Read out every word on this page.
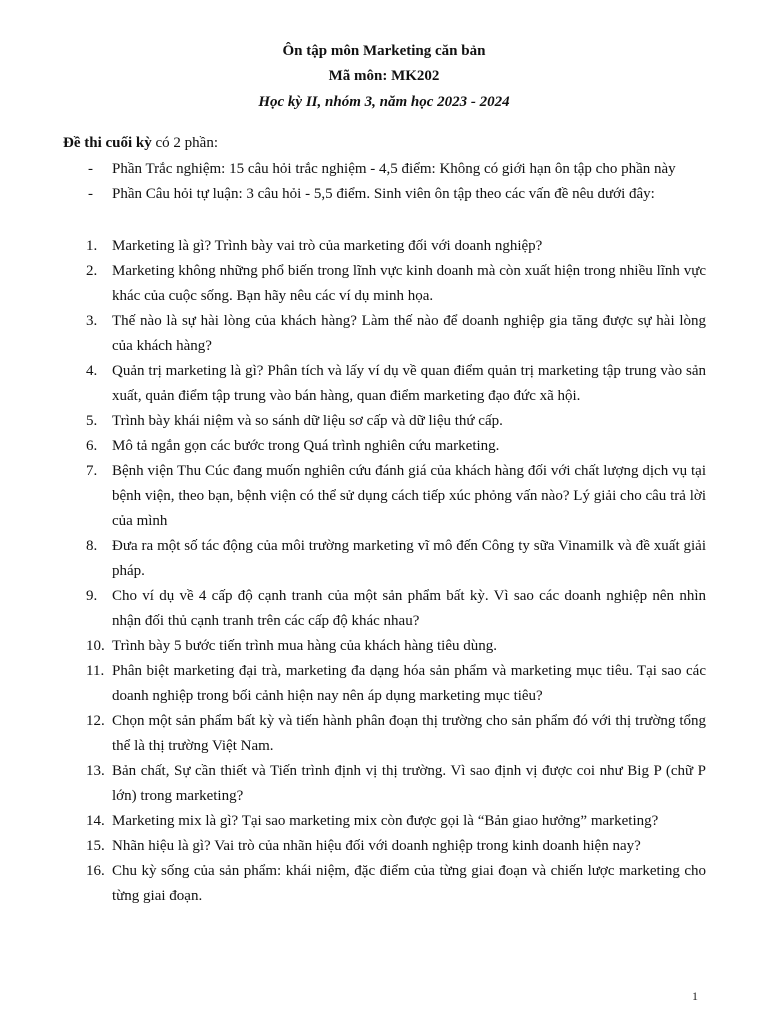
Ôn tập môn Marketing căn bản
Mã môn: MK202
Học kỳ II, nhóm 3, năm học 2023 - 2024
Đề thi cuối kỳ có 2 phần:
- Phần Trắc nghiệm: 15 câu hỏi trắc nghiệm - 4,5 điểm: Không có giới hạn ôn tập cho phần này
- Phần Câu hỏi tự luận: 3 câu hỏi - 5,5 điểm. Sinh viên ôn tập theo các vấn đề nêu dưới đây:
1. Marketing là gì? Trình bày vai trò của marketing đối với doanh nghiệp?
2. Marketing không những phổ biến trong lĩnh vực kinh doanh mà còn xuất hiện trong nhiều lĩnh vực khác của cuộc sống. Bạn hãy nêu các ví dụ minh họa.
3. Thế nào là sự hài lòng của khách hàng? Làm thế nào để doanh nghiệp gia tăng được sự hài lòng của khách hàng?
4. Quản trị marketing là gì? Phân tích và lấy ví dụ về quan điểm quản trị marketing tập trung vào sản xuất, quản điểm tập trung vào bán hàng, quan điểm marketing đạo đức xã hội.
5. Trình bày khái niệm và so sánh dữ liệu sơ cấp và dữ liệu thứ cấp.
6. Mô tả ngắn gọn các bước trong Quá trình nghiên cứu marketing.
7. Bệnh viện Thu Cúc đang muốn nghiên cứu đánh giá của khách hàng đối với chất lượng dịch vụ tại bệnh viện, theo bạn, bệnh viện có thể sử dụng cách tiếp xúc phỏng vấn nào? Lý giải cho câu trả lời của mình
8. Đưa ra một số tác động của môi trường marketing vĩ mô đến Công ty sữa Vinamilk và đề xuất giải pháp.
9. Cho ví dụ về 4 cấp độ cạnh tranh của một sản phẩm bất kỳ. Vì sao các doanh nghiệp nên nhìn nhận đối thủ cạnh tranh trên các cấp độ khác nhau?
10. Trình bày 5 bước tiến trình mua hàng của khách hàng tiêu dùng.
11. Phân biệt marketing đại trà, marketing đa dạng hóa sản phẩm và marketing mục tiêu. Tại sao các doanh nghiệp trong bối cảnh hiện nay nên áp dụng marketing mục tiêu?
12. Chọn một sản phẩm bất kỳ và tiến hành phân đoạn thị trường cho sản phẩm đó với thị trường tổng thể là thị trường Việt Nam.
13. Bản chất, Sự cần thiết và Tiến trình định vị thị trường. Vì sao định vị được coi như Big P (chữ P lớn) trong marketing?
14. Marketing mix là gì? Tại sao marketing mix còn được gọi là “Bản giao hưởng” marketing?
15. Nhãn hiệu là gì? Vai trò của nhãn hiệu đối với doanh nghiệp trong kinh doanh hiện nay?
16. Chu kỳ sống của sản phẩm: khái niệm, đặc điểm của từng giai đoạn và chiến lược marketing cho từng giai đoạn.
1
